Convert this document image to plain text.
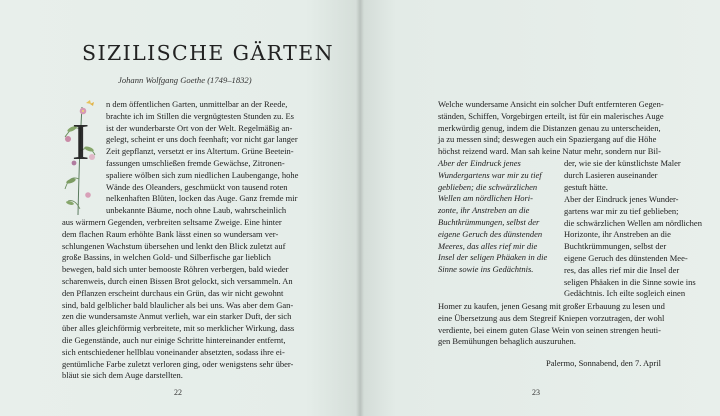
SIZILISCHE GÄRTEN
Johann Wolfgang Goethe (1749–1832)
I
n dem öffentlichen Garten, unmittelbar an der Reede,
brachte ich im Stillen die vergnügtesten Stunden zu. Es
ist der wunderbarste Ort von der Welt. Regelmäßig an-
gelegt, scheint er uns doch feenhaft; vor nicht gar langer
Zeit gepflanzt, versetzt er ins Altertum. Grüne Beetein-
fassungen umschließen fremde Gewächse, Zitronen-
spaliere wölben sich zum niedlichen Laubengange, hohe
Wände des Oleanders, geschmückt von tausend roten
nelkenhaften Blüten, locken das Auge. Ganz fremde mir
unbekannte Bäume, noch ohne Laub, wahrscheinlich
aus wärmern Gegenden, verbreiten seltsame Zweige. Eine hinter
dem flachen Raum erhöhte Bank lässt einen so wundersam ver-
schlungenen Wachstum übersehen und lenkt den Blick zuletzt auf
große Bassins, in welchen Gold- und Silberfische gar lieblich
bewegen, bald sich unter bemooste Röhren verbergen, bald wieder
scharenweis, durch einen Bissen Brot gelockt, sich versammeln. An
den Pflanzen erscheint durchaus ein Grün, das wir nicht gewohnt
sind, bald gelblicher bald blaulicher als bei uns. Was aber dem Gan-
zen die wundersamste Anmut verlieh, war ein starker Duft, der sich
über alles gleichförmig verbreitete, mit so merklicher Wirkung, dass
die Gegenstände, auch nur einige Schritte hintereinander entfernt,
sich entschiedener hellblau voneinander absetzten, sodass ihre ei-
gentümliche Farbe zuletzt verloren ging, oder wenigstens sehr über-
bläut sie sich dem Auge darstellten.
22
Welche wundersame Ansicht ein solcher Duft entfernteren Gegen-
ständen, Schiffen, Vorgebirgen erteilt, ist für ein malerisches Auge
merkwürdig genug, indem die Distanzen genau zu unterscheiden,
ja zu messen sind; deswegen auch ein Spaziergang auf die Höhe
höchst reizend ward. Man sah keine Natur mehr, sondern nur Bil-
der, wie sie der künstlichste Maler
durch Lasieren auseinander
gestuft hätte.
Aber der Eindruck jenes
Wundergartens war mir zu tief
geblieben; die schwärzlichen
Wellen am nördlichen Hori-
zonte, ihr Anstreben an die
Buchtkrümmungen, selbst der
eigene Geruch des dünstenden
Meeres, das alles rief mir die
Insel der seligen Phäaken in die
Sinne sowie ins Gedächtnis.
Aber der Eindruck jenes Wunder-
gartens war mir zu tief geblieben;
die schwärzlichen Wellen am nördlichen
Horizonte, ihr Anstreben an die
Buchtkrümmungen, selbst der
eigene Geruch des dünstenden Mee-
res, das alles rief mir die Insel der
seligen Phäaken in die Sinne sowie ins
Gedächtnis. Ich eilte sogleich einen
Homer zu kaufen, jenen Gesang mit großer Erbauung zu lesen und
eine Übersetzung aus dem Stegreif Kniepen vorzutragen, der wohl
verdiente, bei einem guten Glase Wein von seinen strengen heuti-
gen Bemühungen behaglich auszuruhen.
Palermo, Sonnabend, den 7. April
23
